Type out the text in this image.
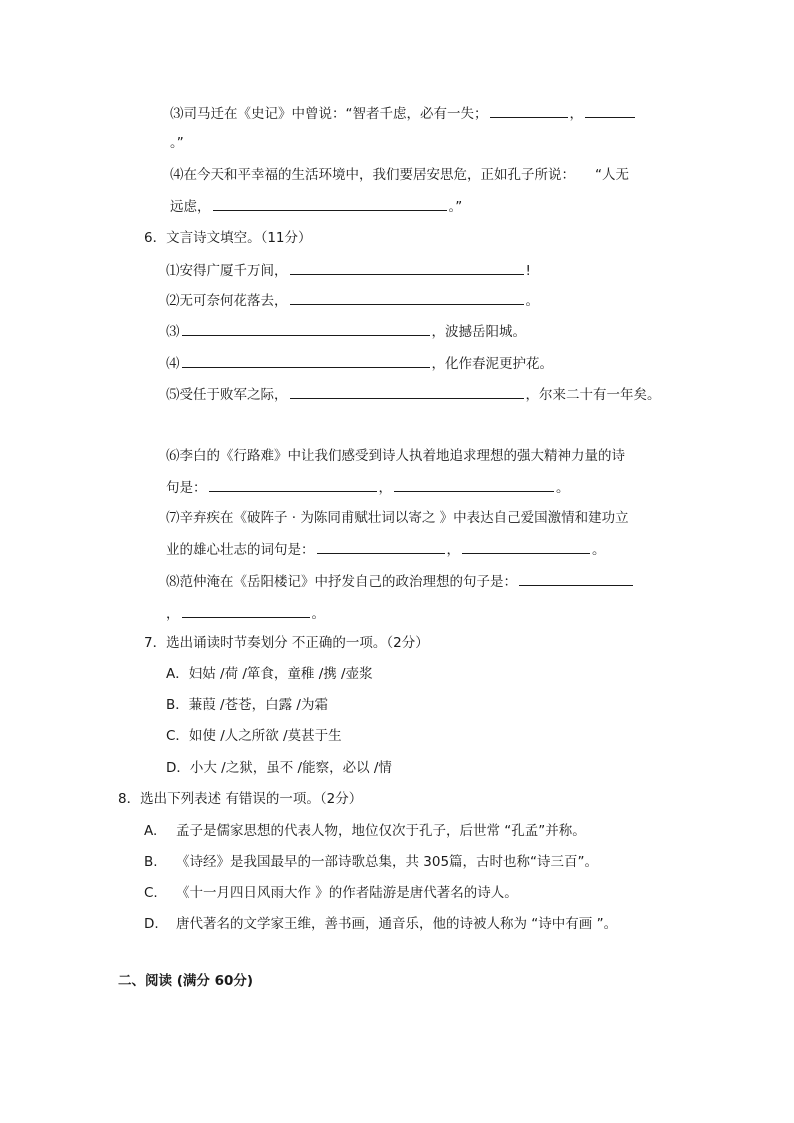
⑶司马迁在《史记》中曾说：“智者千虑，必有一失；	，
。”
⑷在今天和平幸福的生活环境中，我们要居安思危，正如孔子所说： “人无
远虑，	。”
6．文言诗文填空。（11分）
⑴安得广厦千万间，	!
⑵无可奈何花落去，	。
⑶	，波撼岳阳城。
⑷	，化作春泥更护花。
⑸受任于败军之际，	，尔来二十有一年矣。
⑹李白的《行路难》中让我们感受到诗人执着地追求理想的强大精神力量的诗
句是：	，	。
⑺辛弃疾在《破阵子 · 为陈同甫赋壮词以寄之 》中表达自己爱国激情和建功立
业的雄心壮志的词句是：	，	。
⑻范仲淹在《岳阳楼记》中抒发自己的政治理想的句子是：
，	。
7．选出诵读时节奏划分 不正确的一项。（2分）
A．妇姑 /荷 /箪食，童稚 /携 /壶浆
B．蒹葭 /苍苍，白露 /为霜
C．如使 /人之所欲 /莫甚于生
D．小大 /之狱，虽不 /能察，必以 /情
8．选出下列表述 有错误的一项。（2分）
A. 孟子是儒家思想的代表人物，地位仅次于孔子，后世常 “孔孟”并称。
B. 《诗经》是我国最早的一部诗歌总集，共 305篇，古时也称“诗三百”。
C. 《十一月四日风雨大作 》的作者陆游是唐代著名的诗人。
D. 唐代著名的文学家王维，善书画，通音乐，他的诗被人称为 “诗中有画 ”。
二、阅读 (满分 60分)
